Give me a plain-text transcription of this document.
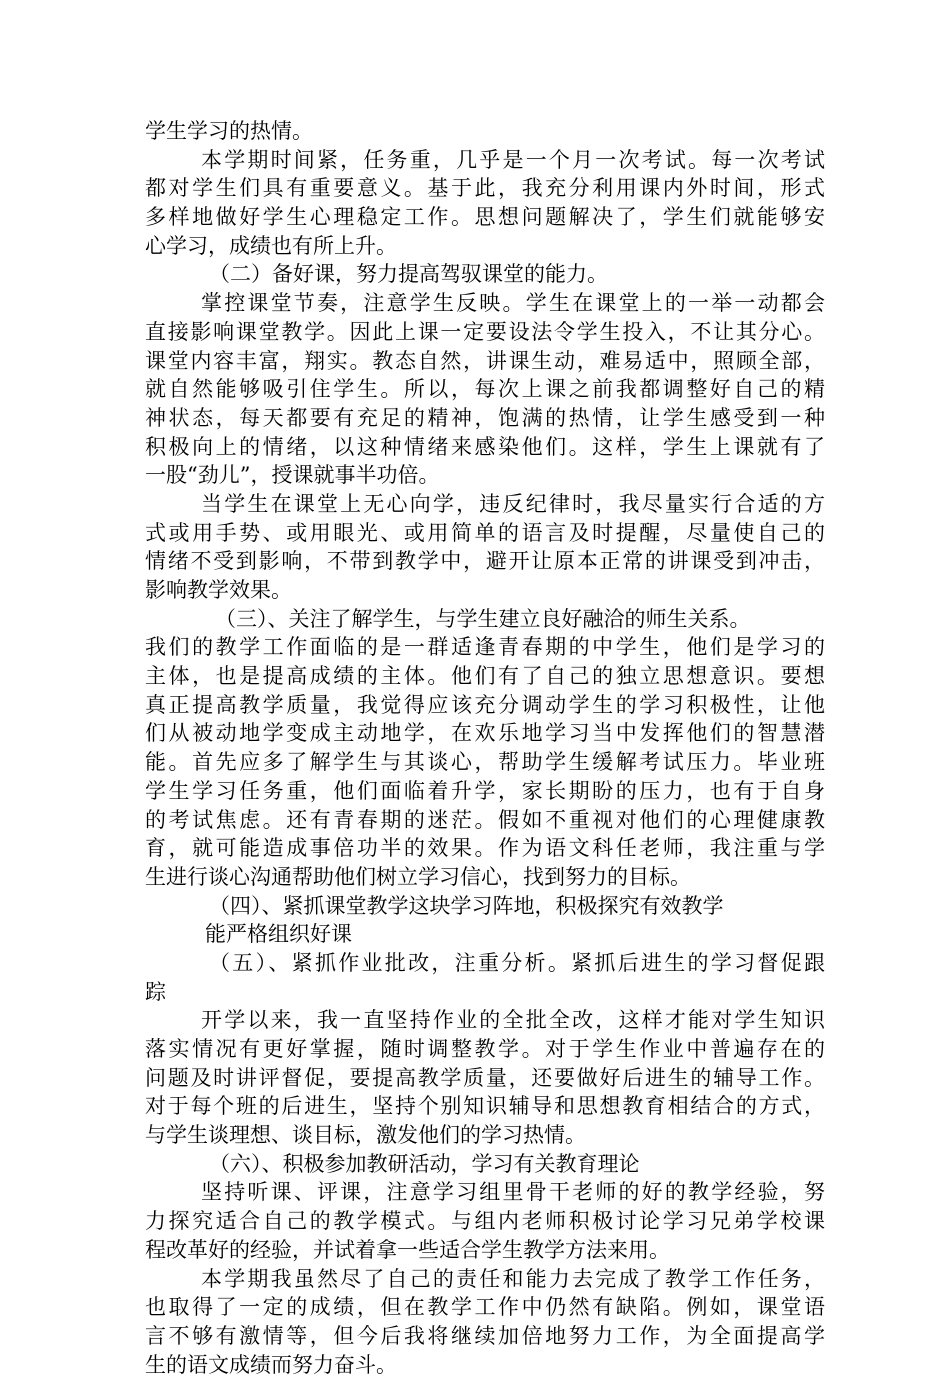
学生学习的热情。
本学期时间紧，任务重，几乎是一个月一次考试。每一次考试
都对学生们具有重要意义。基于此，我充分利用课内外时间，形式
多样地做好学生心理稳定工作。思想问题解决了，学生们就能够安
心学习，成绩也有所上升。
（二）备好课，努力提高驾驭课堂的能力。
掌控课堂节奏，注意学生反映。学生在课堂上的一举一动都会
直接影响课堂教学。因此上课一定要设法令学生投入，不让其分心。
课堂内容丰富，翔实。教态自然，讲课生动，难易适中，照顾全部，
就自然能够吸引住学生。所以，每次上课之前我都调整好自己的精
神状态，每天都要有充足的精神，饱满的热情，让学生感受到一种
积极向上的情绪，以这种情绪来感染他们。这样，学生上课就有了
一股“劲儿”，授课就事半功倍。
当学生在课堂上无心向学，违反纪律时，我尽量实行合适的方
式或用手势、或用眼光、或用简单的语言及时提醒，尽量使自己的
情绪不受到影响，不带到教学中，避开让原本正常的讲课受到冲击，
影响教学效果。
（三）、关注了解学生，与学生建立良好融洽的师生关系。
我们的教学工作面临的是一群适逢青春期的中学生，他们是学习的
主体，也是提高成绩的主体。他们有了自己的独立思想意识。要想
真正提高教学质量，我觉得应该充分调动学生的学习积极性，让他
们从被动地学变成主动地学，在欢乐地学习当中发挥他们的智慧潜
能。首先应多了解学生与其谈心，帮助学生缓解考试压力。毕业班
学生学习任务重，他们面临着升学，家长期盼的压力，也有于自身
的考试焦虑。还有青春期的迷茫。假如不重视对他们的心理健康教
育，就可能造成事倍功半的效果。作为语文科任老师，我注重与学
生进行谈心沟通帮助他们树立学习信心，找到努力的目标。
（四）、紧抓课堂教学这块学习阵地，积极探究有效教学
能严格组织好课
（五）、紧抓作业批改，注重分析。紧抓后进生的学习督促跟
踪
开学以来，我一直坚持作业的全批全改，这样才能对学生知识
落实情况有更好掌握，随时调整教学。对于学生作业中普遍存在的
问题及时讲评督促，要提高教学质量，还要做好后进生的辅导工作。
对于每个班的后进生，坚持个别知识辅导和思想教育相结合的方式，
与学生谈理想、谈目标，激发他们的学习热情。
（六）、积极参加教研活动，学习有关教育理论
坚持听课、评课，注意学习组里骨干老师的好的教学经验，努
力探究适合自己的教学模式。与组内老师积极讨论学习兄弟学校课
程改革好的经验，并试着拿一些适合学生教学方法来用。
本学期我虽然尽了自己的责任和能力去完成了教学工作任务，
也取得了一定的成绩，但在教学工作中仍然有缺陷。例如，课堂语
言不够有激情等，但今后我将继续加倍地努力工作，为全面提高学
生的语文成绩而努力奋斗。
